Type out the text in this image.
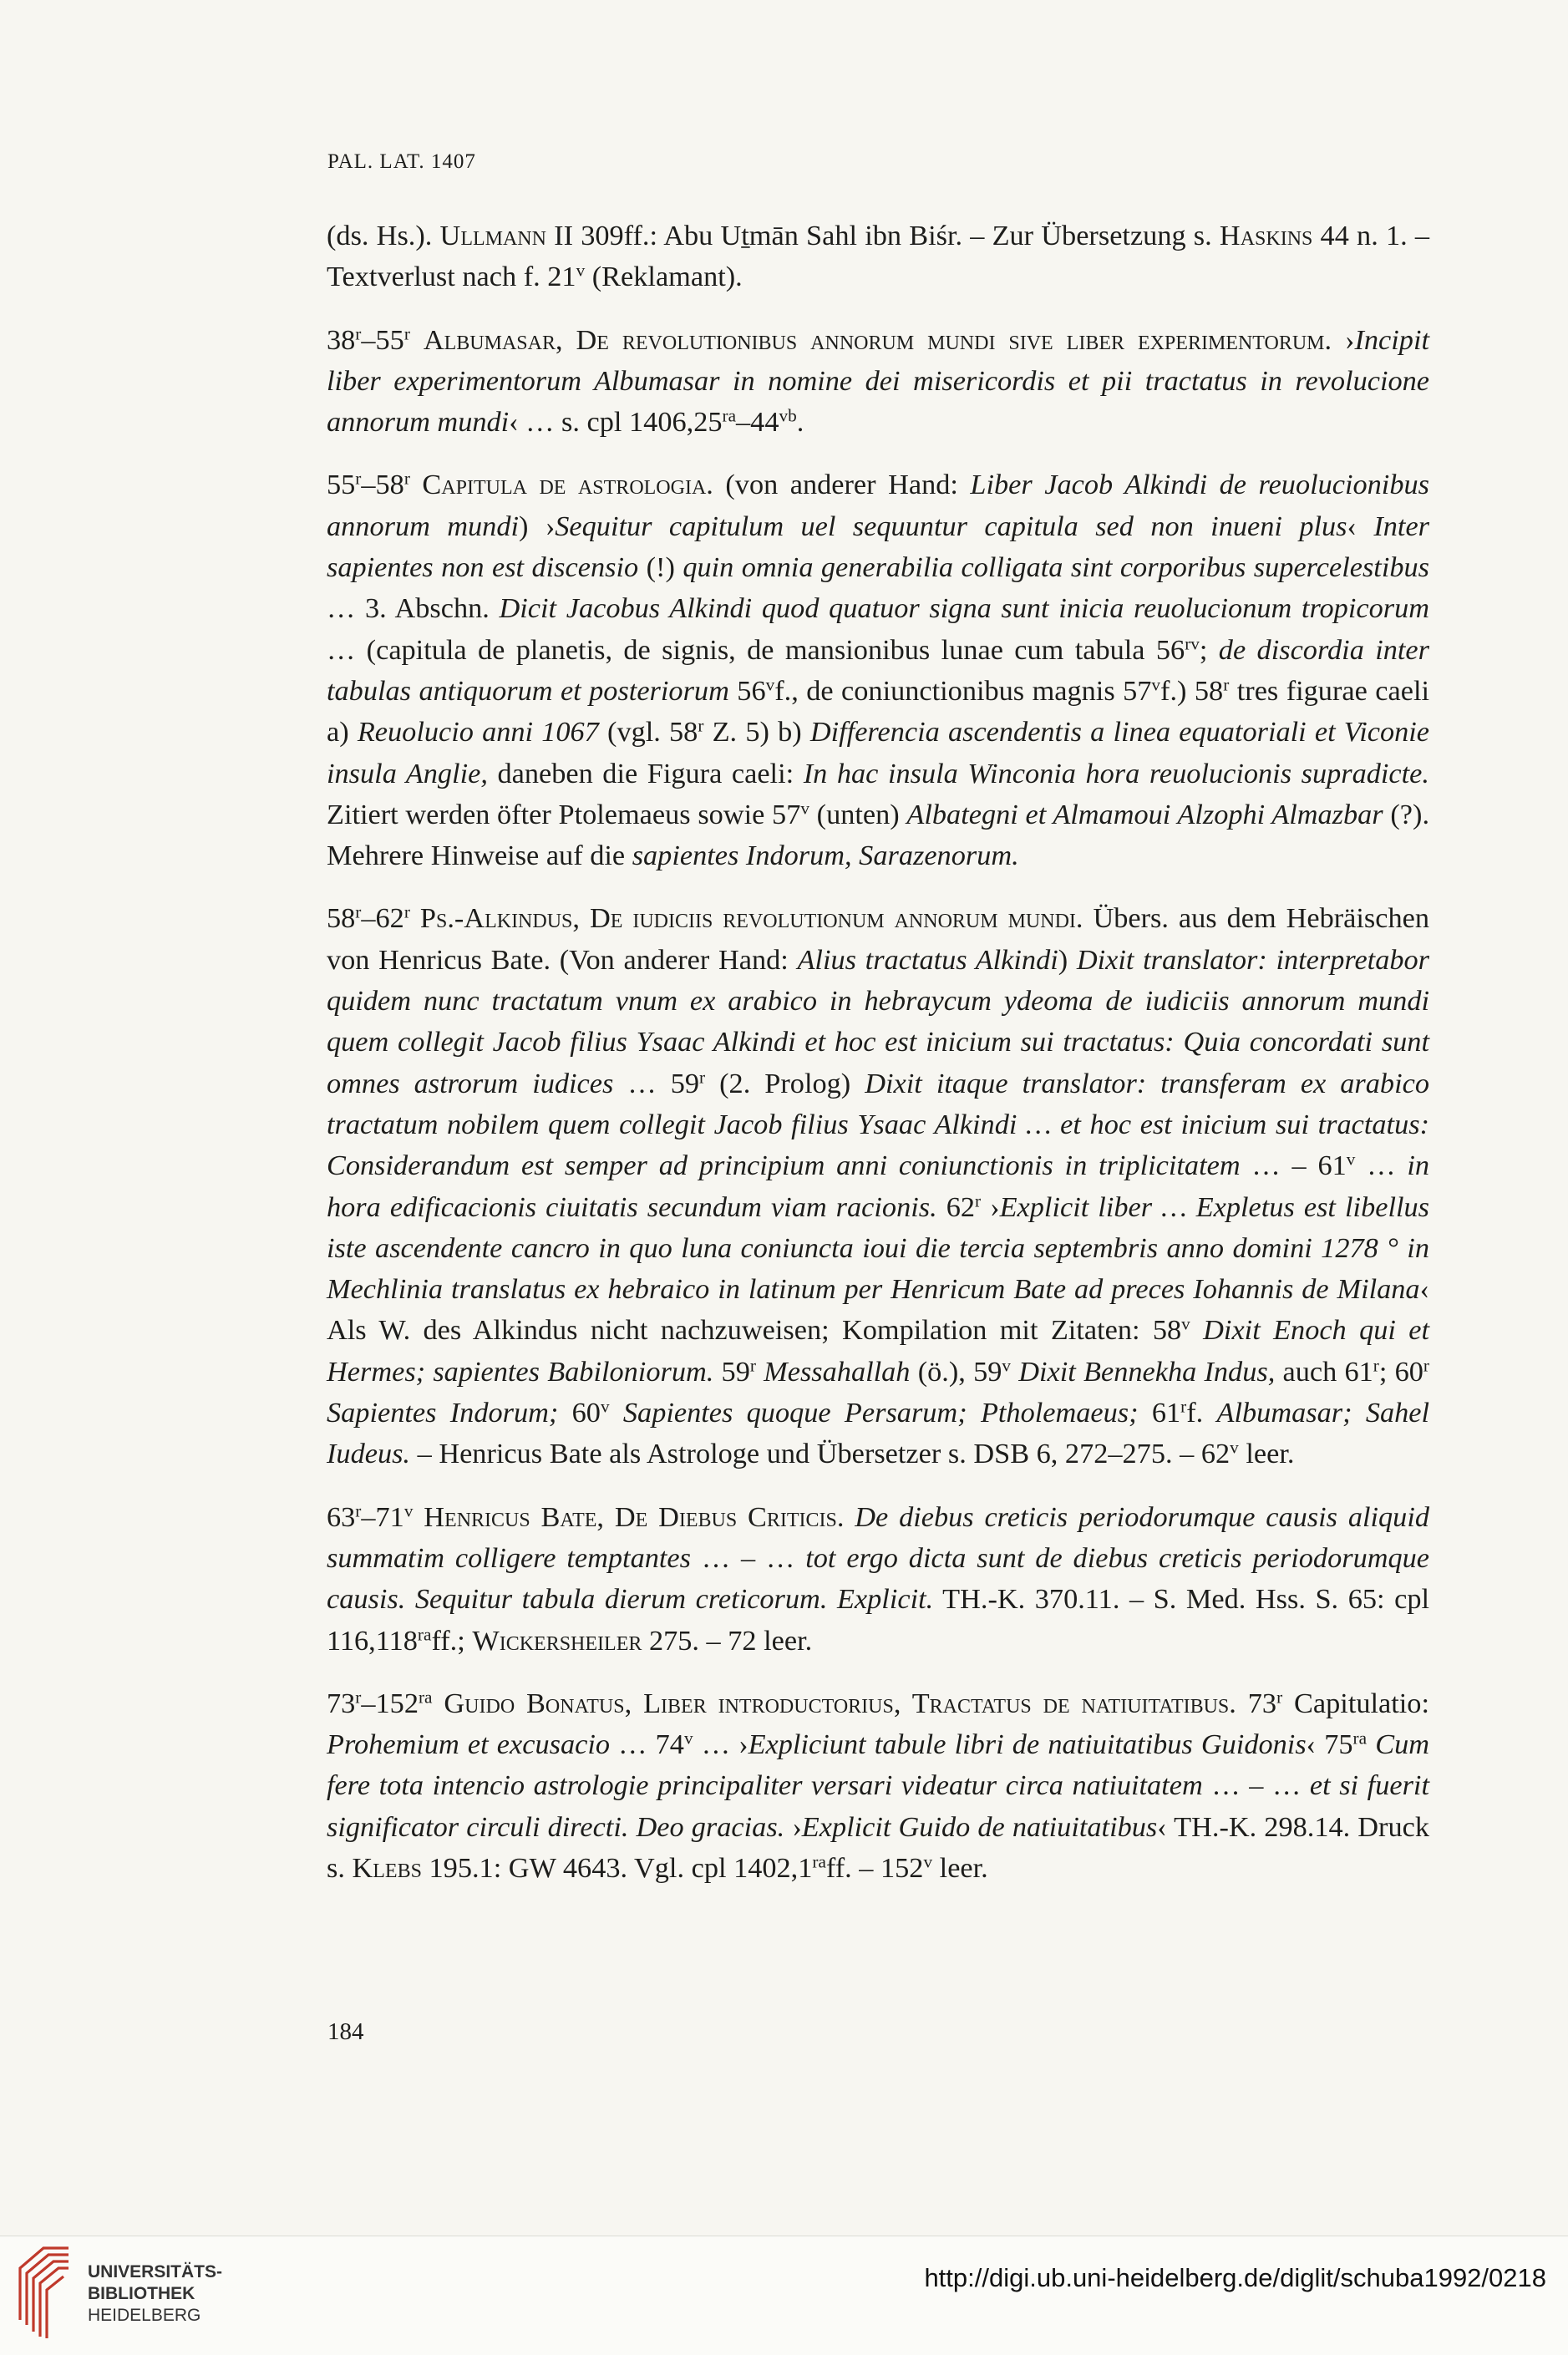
PAL. LAT. 1407

(ds. Hs.). Ullmann II 309ff.: Abu Uṯmān Sahl ibn Biśr. – Zur Übersetzung s. Haskins 44 n. 1. – Textverlust nach f. 21$^v$ (Reklamant).

38$^r$–55$^r$ Albumasar, De revolutionibus annorum mundi sive liber experimentorum. ›Incipit liber experimentorum Albumasar in nomine dei misericordis et pii tractatus in revolucione annorum mundi‹ … s. cpl $1406,25^{ra}-44^{vb}$.

55$^r$–58$^r$ Capitula de astrologia. (von anderer Hand: Liber Jacob Alkindi de reuolucionibus annorum mundi) ›Sequitur capitulum uel sequuntur capitula sed non inueni plus‹ Inter sapientes non est discensio (!) quin omnia generabilia colligata sint corporibus supercelestibus … 3. Abschn. Dicit Jacobus Alkindi quod quatuor signa sunt inicia reuolucionum tropicorum … (capitula de planetis, de signis, de mansionibus lunae cum tabula $56^{rv}$; de discordia inter tabulas antiquorum et posteriorum 56$^v$f., de coniunctionibus magnis 57$^v$f.) 58$^r$ tres figurae caeli a) Reuolucio anni 1067 (vgl. 58$^r$ Z. 5) b) Differencia ascendentis a linea equatoriali et Viconie insula Anglie, daneben die Figura caeli: In hac insula Winconia hora reuolucionis supradicte. Zitiert werden öfter Ptolemaeus sowie 57$^v$ (unten) Albategni et Almamoui Alzophi Almazbar (?). Mehrere Hinweise auf die sapientes Indorum, Sarazenorum.

58$^r$–62$^r$ Ps.-Alkindus, De iudiciis revolutionum annorum mundi. Übers. aus dem Hebräischen von Henricus Bate. (Von anderer Hand: Alius tractatus Alkindi) Dixit translator: interpretabor quidem nunc tractatum vnum ex arabico in hebraycum ydeoma de iudiciis annorum mundi quem collegit Jacob filius Ysaac Alkindi et hoc est inicium sui tractatus: Quia concordati sunt omnes astrorum iudices … 59$^r$ (2. Prolog) Dixit itaque translator: transferam ex arabico tractatum nobilem quem collegit Jacob filius Ysaac Alkindi … et hoc est inicium sui tractatus: Considerandum est semper ad principium anni coniunctionis in triplicitatem … – 61$^v$ … in hora edificacionis ciuitatis secundum viam racionis. 62$^r$ ›Explicit liber … Expletus est libellus iste ascendente cancro in quo luna coniuncta ioui die tercia septembris anno domini 1278 ° in Mechlinia translatus ex hebraico in latinum per Henricum Bate ad preces Iohannis de Milana‹ Als W. des Alkindus nicht nachzuweisen; Kompilation mit Zitaten: 58$^v$ Dixit Enoch qui et Hermes; sapientes Babiloniorum. 59$^r$ Messahallah (ö.), 59$^v$ Dixit Bennekha Indus, auch 61$^r$; 60$^r$ Sapientes Indorum; 60$^v$ Sapientes quoque Persarum; Ptholemaeus; 61$^r$f. Albumasar; Sahel Iudeus. – Henricus Bate als Astrologe und Übersetzer s. DSB 6, 272–275. – 62$^v$ leer.

63$^r$–71$^v$ Henricus Bate, De Diebus Criticis. De diebus creticis periodorumque causis aliquid summatim colligere temptantes … – … tot ergo dicta sunt de diebus creticis periodorumque causis. Sequitur tabula dierum creticorum. Explicit. TH.-K. 370.11. – S. Med. Hss. S. 65: cpl $116,118^{ra}ff$.; Wickersheiler 275. – 72 leer.

$73^r-152^{ra}$ Guido Bonatus, Liber introductorius, Tractatus de natiuitatibus. 73$^r$ Capitulatio: Prohemium et excusacio … 74$^v$ … ›Expliciunt tabule libri de natiuitatibus Guidonis‹ $75^{ra}$ Cum fere tota intencio astrologie principaliter versari videatur circa natiuitatem … – … et si fuerit significator circuli directi. Deo gracias. ›Explicit Guido de natiuitatibus‹ TH.-K. 298.14. Druck s. Klebs 195.1: GW 4643. Vgl. cpl $1402,1^{ra}ff$. – 152$^v$ leer.

184
UNIVERSITÄTS-
BIBLIOTHEK
HEIDELBERG
http://digi.ub.uni-heidelberg.de/diglit/schuba1992/0218
